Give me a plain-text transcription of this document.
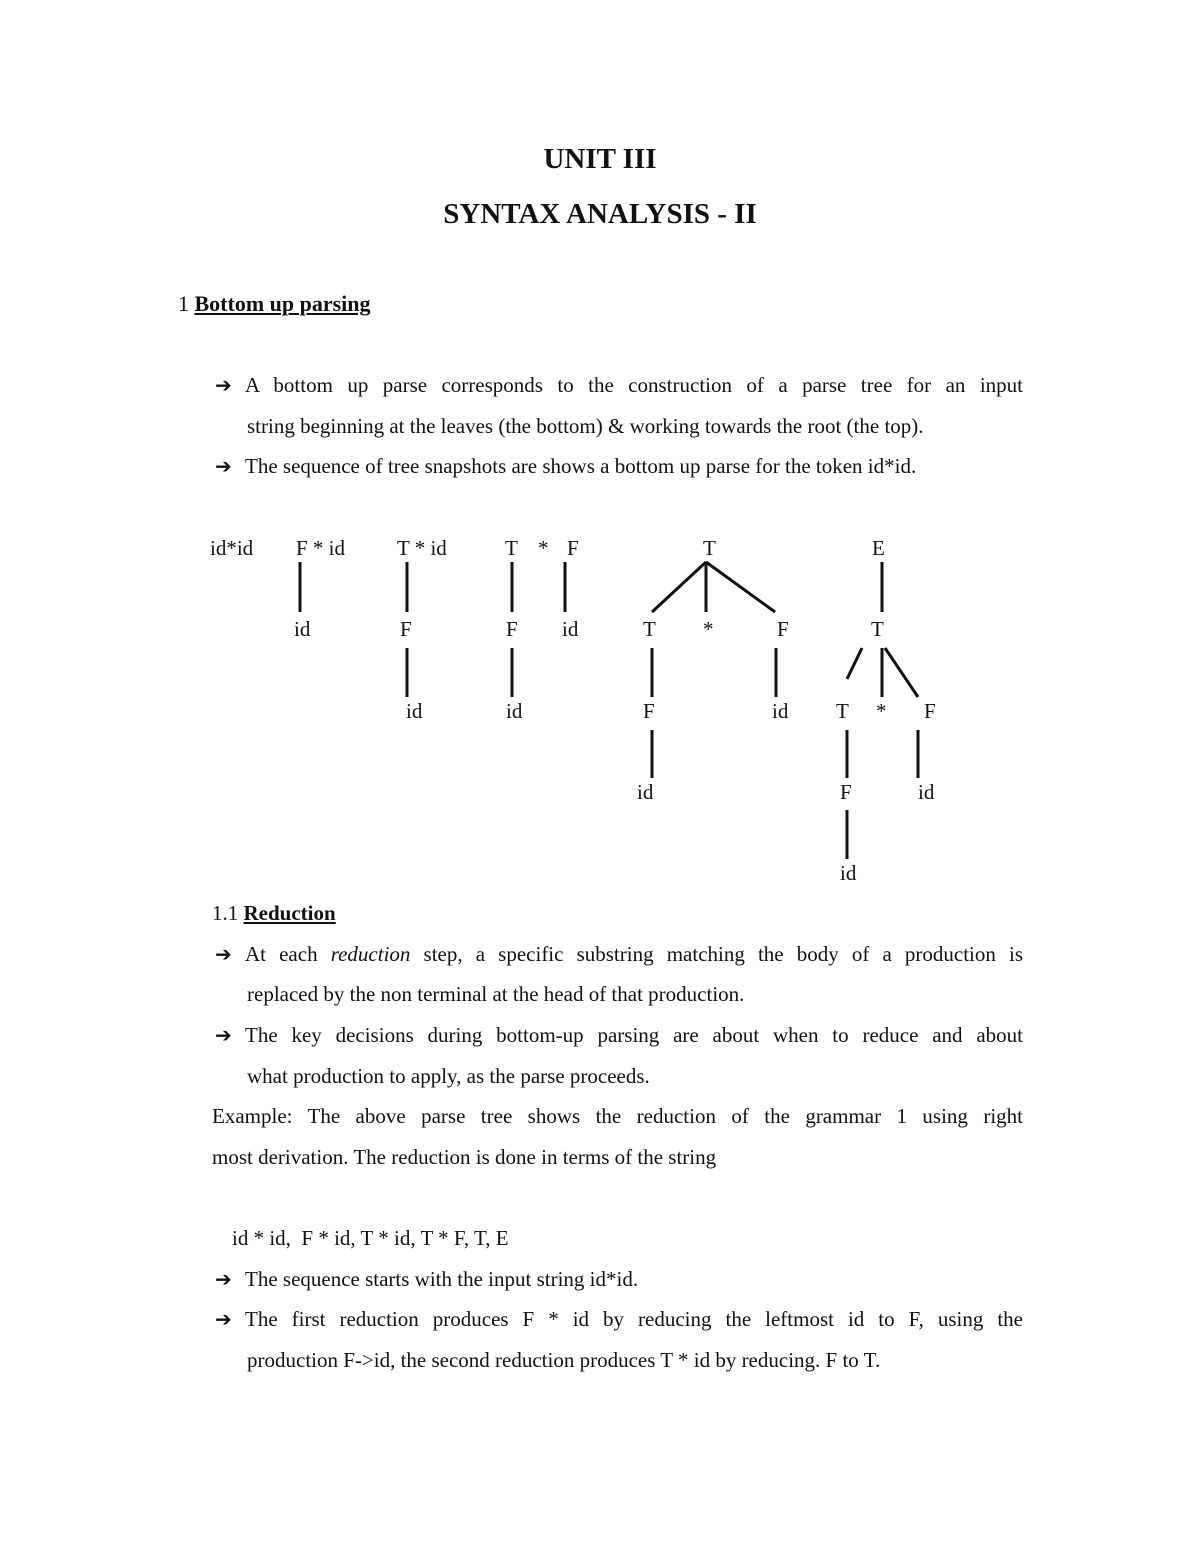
UNIT III
SYNTAX ANALYSIS - II
1 Bottom up parsing
➔ A bottom up parse corresponds to the construction of a parse tree for an input
string beginning at the leaves (the bottom) & working towards the root (the top).
➔ The sequence of tree snapshots are shows a bottom up parse for the token id*id.
id*id F * id
id
T * id
F
id
T * F
F id
id
T
T *	F
F	id
id
E
T
T * F
F	id
id
1.1 Reduction
➔ At each reduction step, a specific substring matching the body of a production is
replaced by the non terminal at the head of that production.
➔ The key decisions during bottom-up parsing are about when to reduce and about
what production to apply, as the parse proceeds.
Example: The above parse tree shows the reduction of the grammar 1 using right
most derivation. The reduction is done in terms of the string
id * id,  F * id, T * id, T * F, T, E
➔ The sequence starts with the input string id*id.
➔ The first reduction produces F * id by reducing the leftmost id to F, using the
production F->id, the second reduction produces T * id by reducing. F to T.
